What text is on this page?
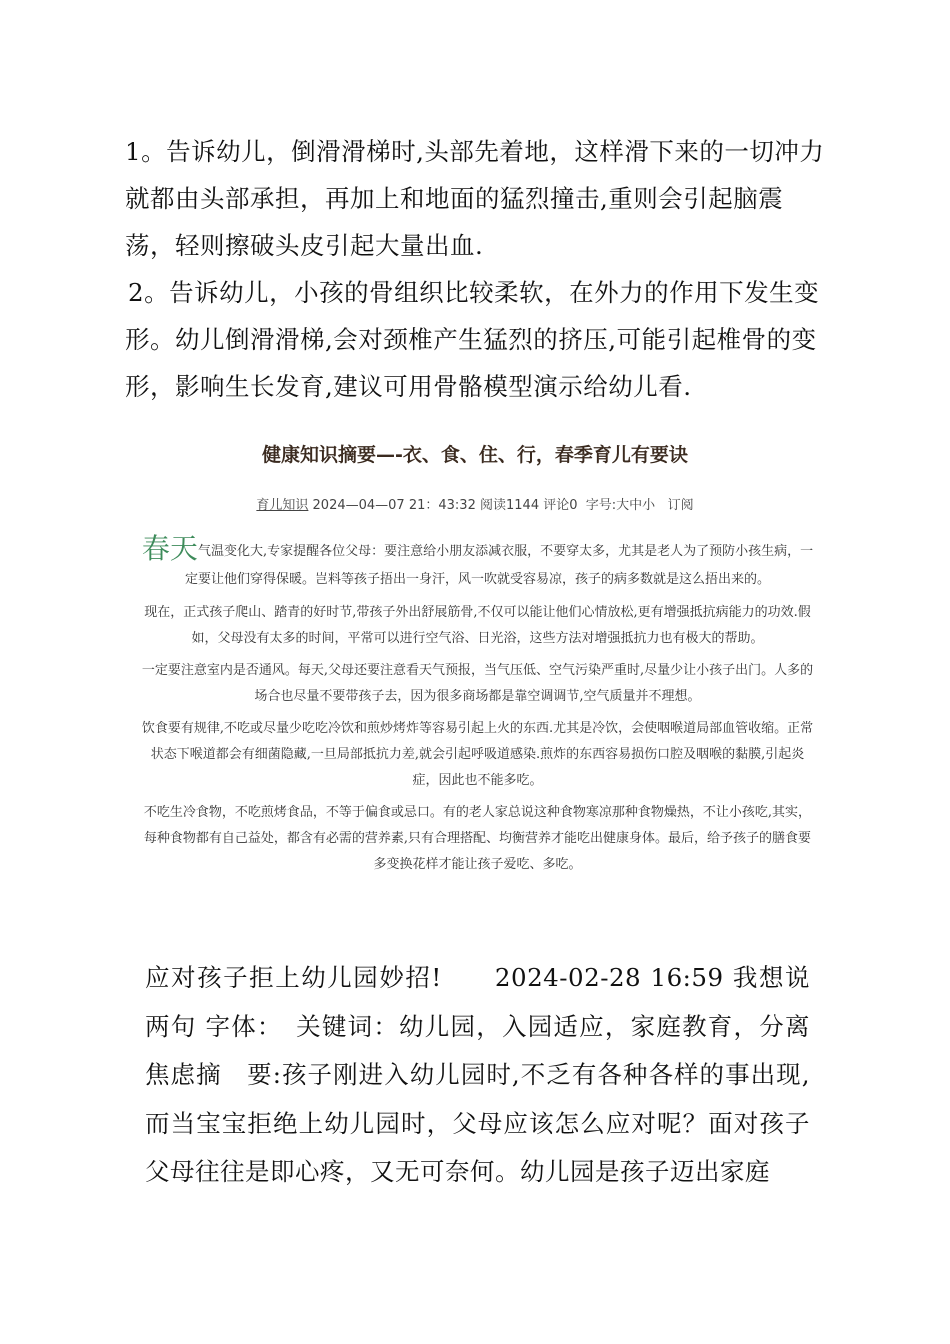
1。告诉幼儿，倒滑滑梯时,头部先着地，这样滑下来的一切冲力就都由头部承担，再加上和地面的猛烈撞击,重则会引起脑震荡，轻则擦破头皮引起大量出血.

2。告诉幼儿，小孩的骨组织比较柔软，在外力的作用下发生变形。幼儿倒滑滑梯,会对颈椎产生猛烈的挤压,可能引起椎骨的变形，影响生长发育,建议可用骨骼模型演示给幼儿看.

健康知识摘要—-衣、食、住、行，春季育儿有要诀
育儿知识 2024—04—07 21：43:32 阅读1144 评论0 字号:大中小 订阅

春天气温变化大,专家提醒各位父母：要注意给小朋友添减衣服，不要穿太多，尤其是老人为了预防小孩生病，一定要让他们穿得保暖。岂料等孩子捂出一身汗，风一吹就受容易凉，孩子的病多数就是这么捂出来的。

现在，正式孩子爬山、踏青的好时节,带孩子外出舒展筋骨,不仅可以能让他们心情放松,更有增强抵抗病能力的功效.假如，父母没有太多的时间，平常可以进行空气浴、日光浴，这些方法对增强抵抗力也有极大的帮助。

一定要注意室内是否通风。每天,父母还要注意看天气预报，当气压低、空气污染严重时,尽量少让小孩子出门。人多的场合也尽量不要带孩子去，因为很多商场都是靠空调调节,空气质量并不理想。

饮食要有规律,不吃或尽量少吃吃冷饮和煎炒烤炸等容易引起上火的东西.尤其是冷饮，会使咽喉道局部血管收缩。正常状态下喉道都会有细菌隐藏,一旦局部抵抗力差,就会引起呼吸道感染.煎炸的东西容易损伤口腔及咽喉的黏膜,引起炎症，因此也不能多吃。

不吃生冷食物，不吃煎烤食品，不等于偏食或忌口。有的老人家总说这种食物寒凉那种食物燥热，不让小孩吃,其实，每种食物都有自己益处，都含有必需的营养素,只有合理搭配、均衡营养才能吃出健康身体。最后，给予孩子的膳食要多变换花样才能让孩子爱吃、多吃。

应对孩子拒上幼儿园妙招!　　2024-02-28 16:59 我想说两句 字体：　关键词：幼儿园，入园适应，家庭教育，分离焦虑摘　要:孩子刚进入幼儿园时,不乏有各种各样的事出现,而当宝宝拒绝上幼儿园时，父母应该怎么应对呢？面对孩子父母往往是即心疼，又无可奈何。幼儿园是孩子迈出家庭
